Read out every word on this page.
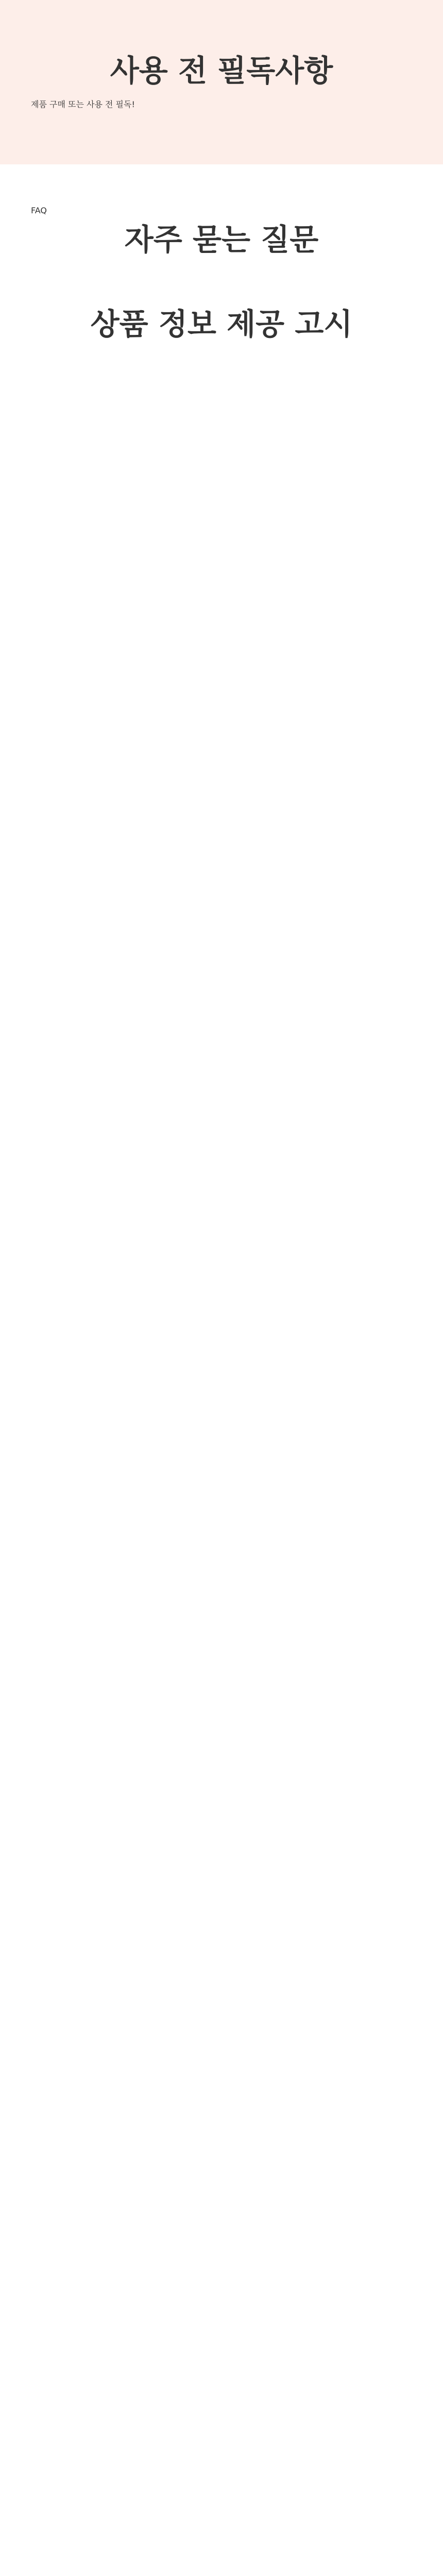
사용 전 필독사항

제품 구매 또는 사용 전 필독!

FAQ
자주 묻는 질문
상품 정보 제공 고시
